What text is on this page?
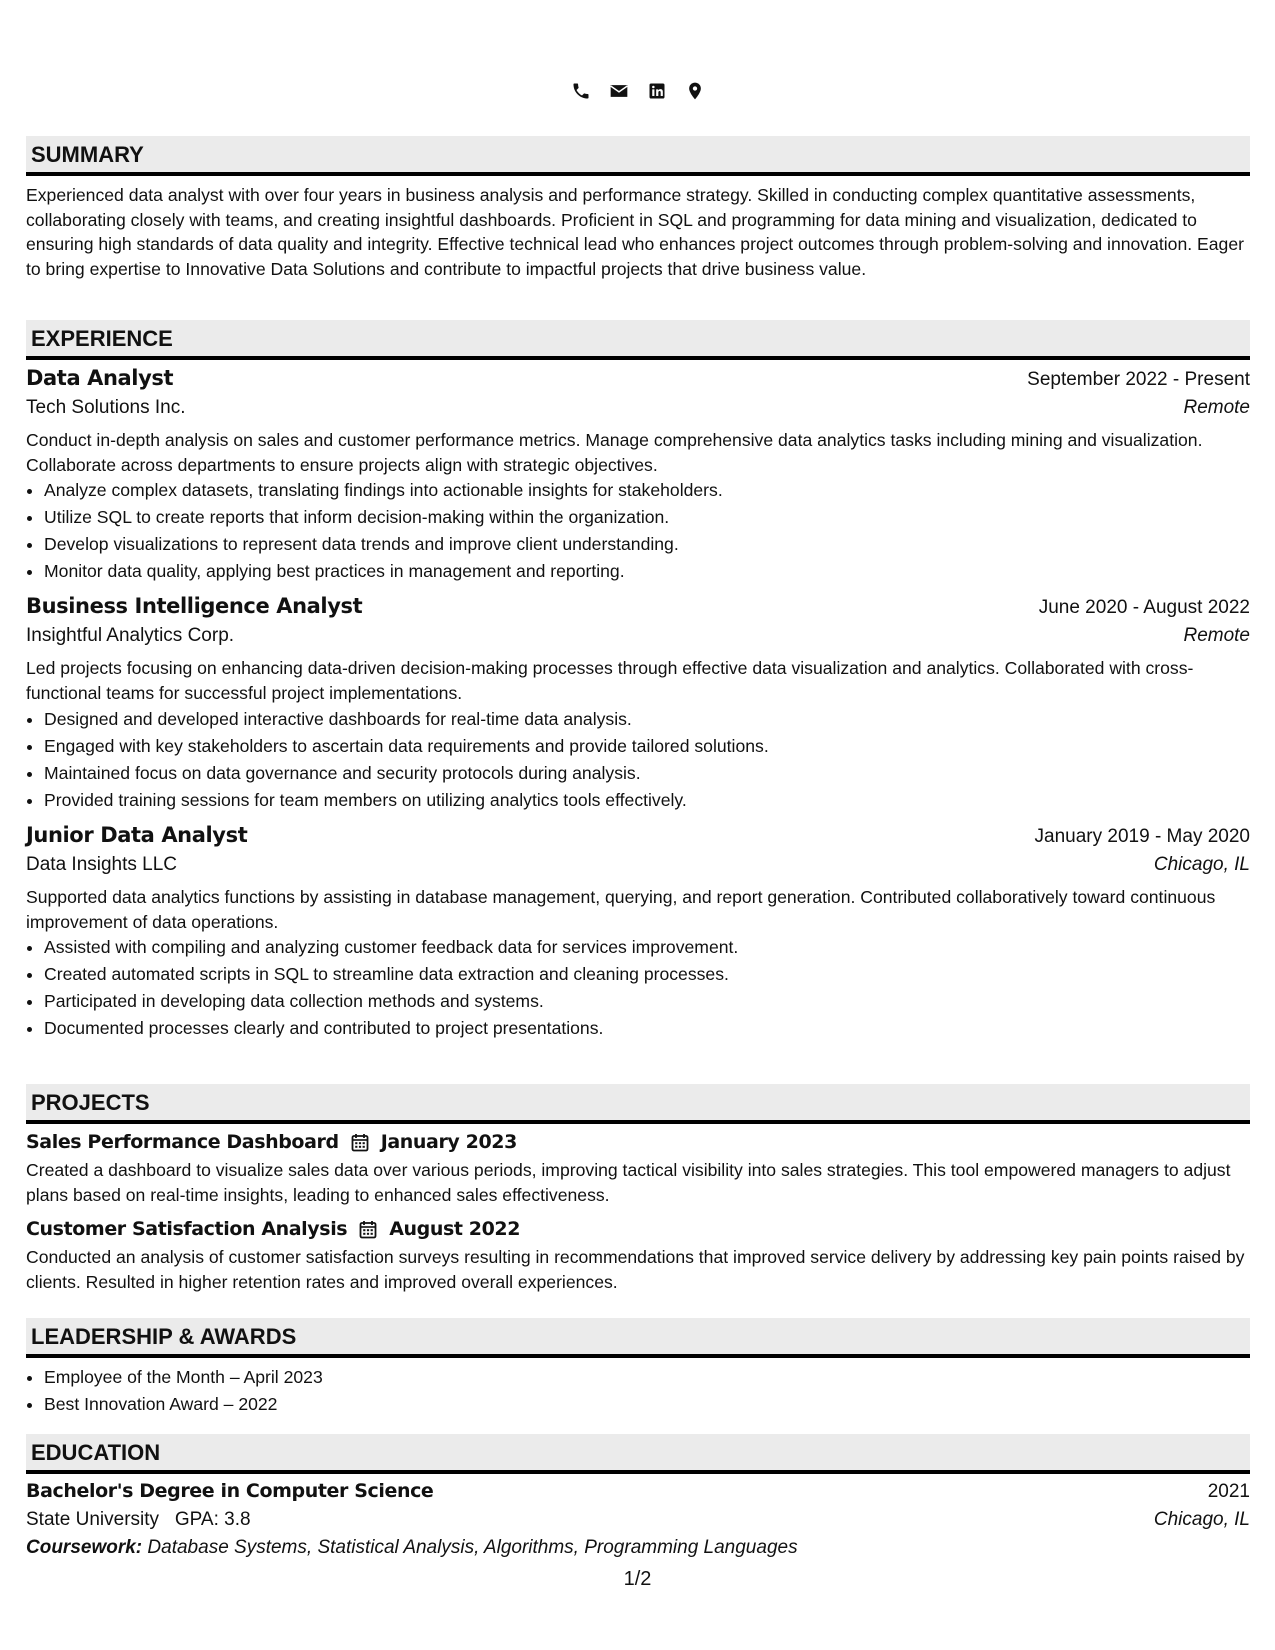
SUMMARY

Experienced data analyst with over four years in business analysis and performance strategy. Skilled in conducting complex quantitative assessments, collaborating closely with teams, and creating insightful dashboards. Proficient in SQL and programming for data mining and visualization, dedicated to ensuring high standards of data quality and integrity. Effective technical lead who enhances project outcomes through problem-solving and innovation. Eager to bring expertise to Innovative Data Solutions and contribute to impactful projects that drive business value.

EXPERIENCE
Data Analyst	September 2022 - Present
Tech Solutions Inc.	Remote

Conduct in-depth analysis on sales and customer performance metrics. Manage comprehensive data analytics tasks including mining and visualization. Collaborate across departments to ensure projects align with strategic objectives.

• Analyze complex datasets, translating findings into actionable insights for stakeholders.
• Utilize SQL to create reports that inform decision-making within the organization.
• Develop visualizations to represent data trends and improve client understanding.
• Monitor data quality, applying best practices in management and reporting.
Business Intelligence Analyst	June 2020 - August 2022
Insightful Analytics Corp.	Remote

Led projects focusing on enhancing data-driven decision-making processes through effective data visualization and analytics. Collaborated with cross-functional teams for successful project implementations.

• Designed and developed interactive dashboards for real-time data analysis.
• Engaged with key stakeholders to ascertain data requirements and provide tailored solutions.
• Maintained focus on data governance and security protocols during analysis.
• Provided training sessions for team members on utilizing analytics tools effectively.
Junior Data Analyst	January 2019 - May 2020
Data Insights LLC	Chicago, IL

Supported data analytics functions by assisting in database management, querying, and report generation. Contributed collaboratively toward continuous improvement of data operations.

• Assisted with compiling and analyzing customer feedback data for services improvement.
• Created automated scripts in SQL to streamline data extraction and cleaning processes.
• Participated in developing data collection methods and systems.
• Documented processes clearly and contributed to project presentations.
PROJECTS
Sales Performance Dashboard January 2023

Created a dashboard to visualize sales data over various periods, improving tactical visibility into sales strategies. This tool empowered managers to adjust plans based on real-time insights, leading to enhanced sales effectiveness.

Customer Satisfaction Analysis August 2022

Conducted an analysis of customer satisfaction surveys resulting in recommendations that improved service delivery by addressing key pain points raised by clients. Resulted in higher retention rates and improved overall experiences.

LEADERSHIP & AWARDS
• Employee of the Month – April 2023
• Best Innovation Award – 2022
EDUCATION
Bachelor's Degree in Computer Science	2021
State University GPA: 3.8	Chicago, IL
Coursework: Database Systems, Statistical Analysis, Algorithms, Programming Languages
1/2
